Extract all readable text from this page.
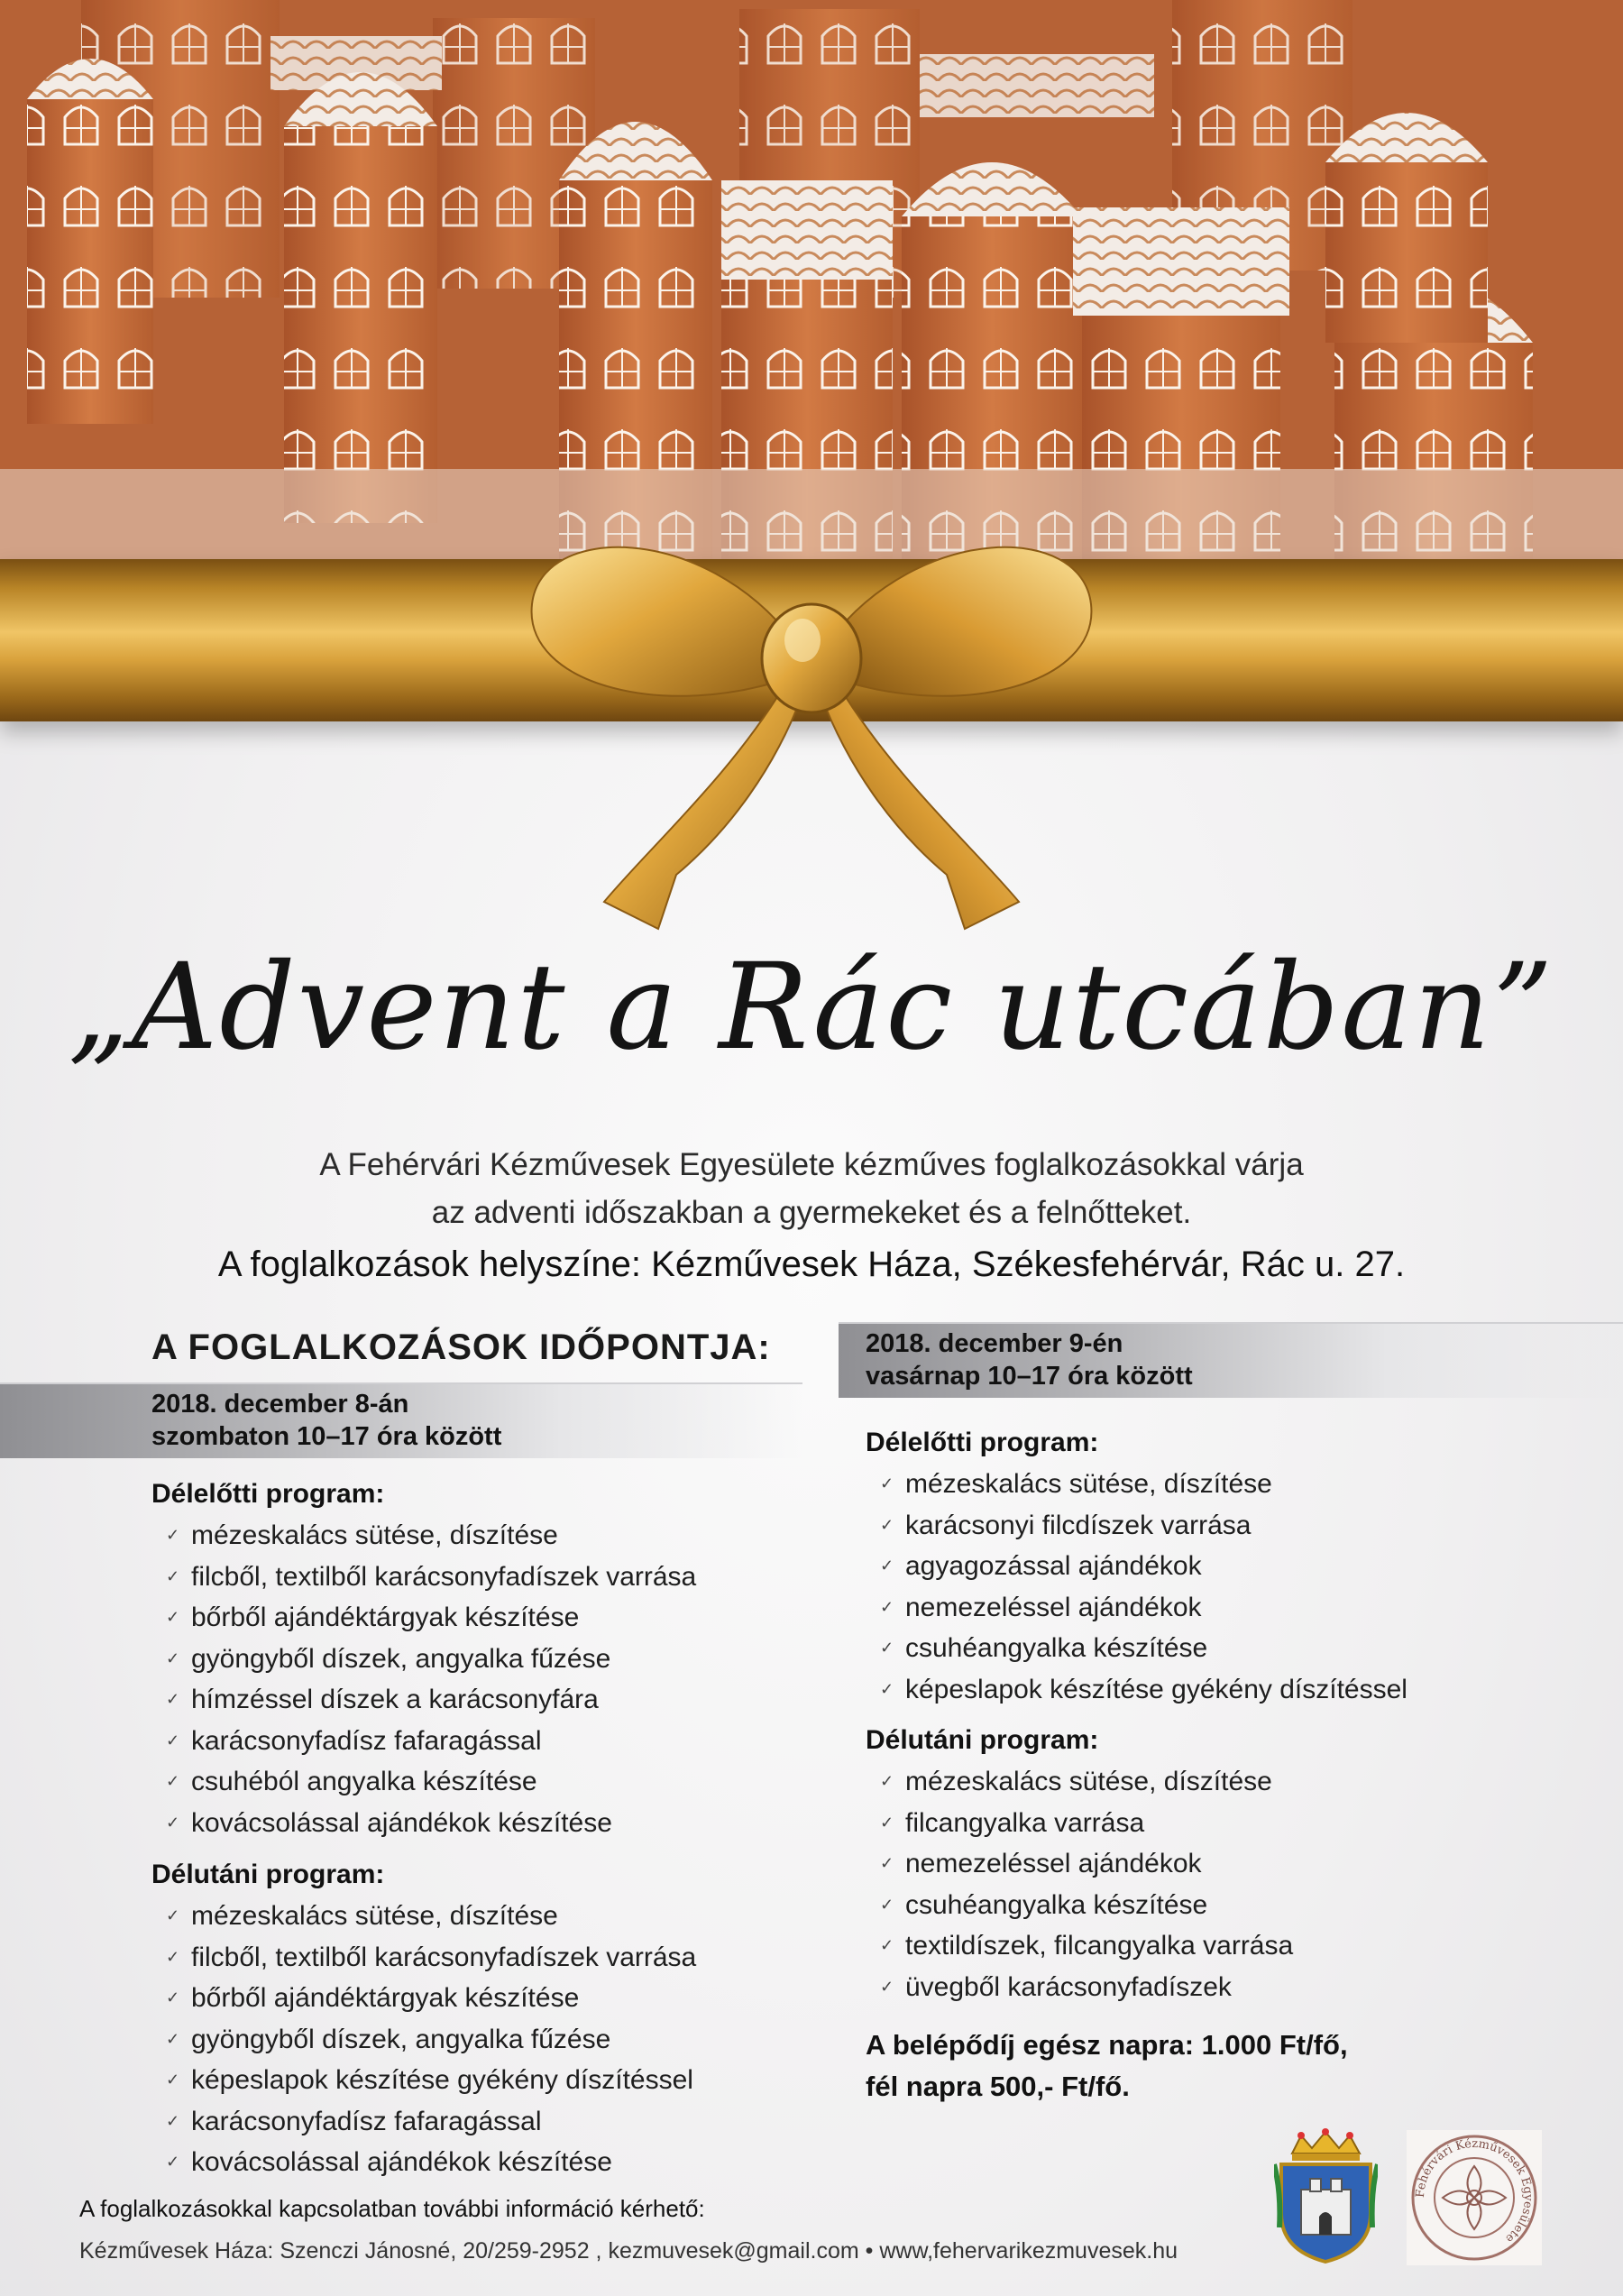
„Advent a Rác utcában”
A Fehérvári Kézművesek Egyesülete kézműves foglalkozásokkal várja
az adventi időszakban a gyermekeket és a felnőtteket.
A foglalkozások helyszíne: Kézművesek Háza, Székesfehérvár, Rác u. 27.
A FOGLALKOZÁSOK IDŐPONTJA:
2018. december 8-án
szombaton 10–17 óra között
Délelőtti program:
✓ mézeskalács sütése, díszítése
✓ filcből, textilből karácsonyfadíszek varrása
✓ bőrből ajándéktárgyak készítése
✓ gyöngyből díszek, angyalka fűzése
✓ hímzéssel díszek a karácsonyfára
✓ karácsonyfadísz fafaragással
✓ csuhéból angyalka készítése
✓ kovácsolással ajándékok készítése
Délutáni program:
✓ mézeskalács sütése, díszítése
✓ filcből, textilből karácsonyfadíszek varrása
✓ bőrből ajándéktárgyak készítése
✓ gyöngyből díszek, angyalka fűzése
✓ képeslapok készítése gyékény díszítéssel
✓ karácsonyfadísz fafaragással
✓ kovácsolással ajándékok készítése
2018. december 9-én
vasárnap 10–17 óra között
Délelőtti program:
✓ mézeskalács sütése, díszítése
✓ karácsonyi filcdíszek varrása
✓ agyagozással ajándékok
✓ nemezeléssel ajándékok
✓ csuhéangyalka készítése
✓ képeslapok készítése gyékény díszítéssel
Délutáni program:
✓ mézeskalács sütése, díszítése
✓ filcangyalka varrása
✓ nemezeléssel ajándékok
✓ csuhéangyalka készítése
✓ textildíszek, filcangyalka varrása
✓ üvegből karácsonyfadíszek
A belépődíj egész napra: 1.000 Ft/fő,
fél napra 500,- Ft/fő.
A foglalkozásokkal kapcsolatban további információ kérhető:
Kézművesek Háza: Szenczi Jánosné, 20/259-2952 , kezmuvesek@gmail.com • www,fehervarikezmuvesek.hu
Fehérvári Kézművesek Egyesülete
